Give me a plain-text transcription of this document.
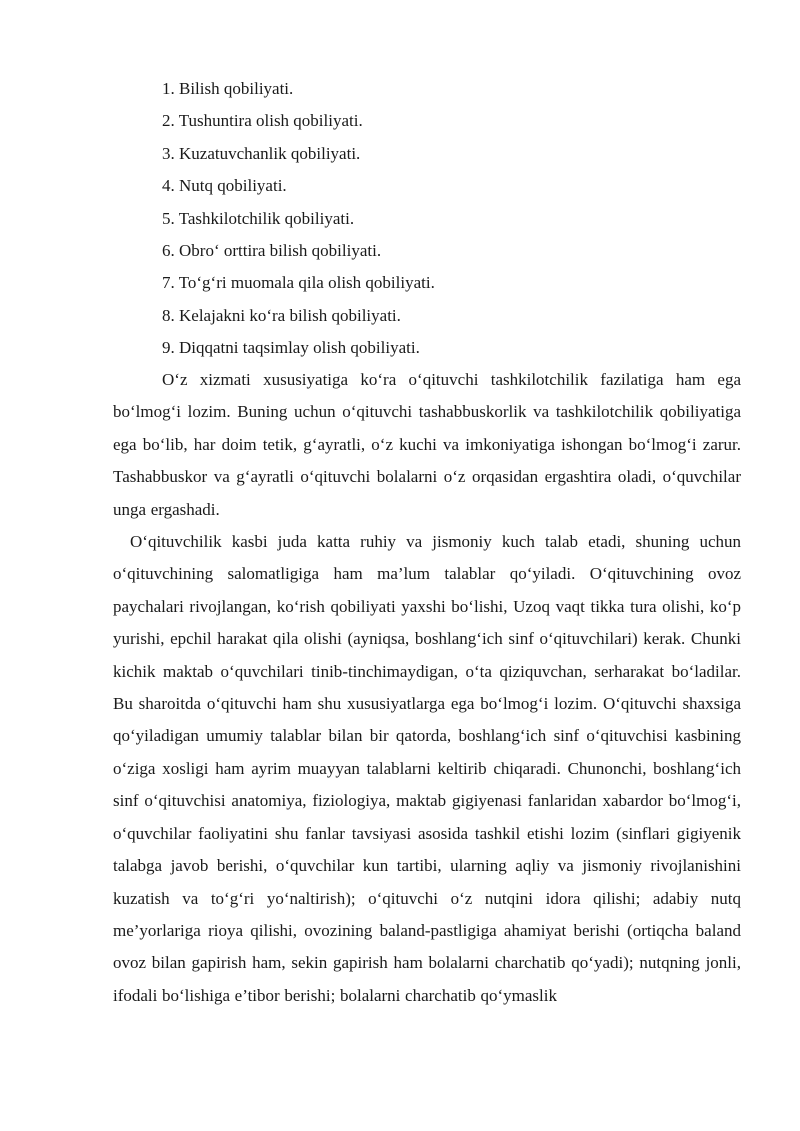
1. Bilish qobiliyati.
2. Tushuntira olish qobiliyati.
3. Kuzatuvchanlik qobiliyati.
4. Nutq qobiliyati.
5. Tashkilotchilik qobiliyati.
6. Obro‘ orttira bilish qobiliyati.
7. To‘g‘ri muomala qila olish qobiliyati.
8. Kelajakni ko‘ra bilish qobiliyati.
9. Diqqatni taqsimlay olish qobiliyati.

O‘z xizmati xususiyatiga ko‘ra o‘qituvchi tashkilotchilik fazilatiga ham ega bo‘lmog‘i lozim. Buning uchun o‘qituvchi tashabbuskorlik va tashkilotchilik qobiliyatiga ega bo‘lib, har doim tetik, g‘ayratli, o‘z kuchi va imkoniyatiga ishongan bo‘lmog‘i zarur. Tashabbuskor va g‘ayratli o‘qituvchi bolalarni o‘z orqasidan ergashtira oladi, o‘quvchilar unga ergashadi.

O‘qituvchilik kasbi juda katta ruhiy va jismoniy kuch talab etadi, shuning uchun o‘qituvchining salomatligiga ham ma’lum talablar qo‘yiladi. O‘qituvchining ovoz paychalari rivojlangan, ko‘rish qobiliyati yaxshi bo‘lishi, Uzoq vaqt tikka tura olishi, ko‘p yurishi, epchil harakat qila olishi (ayniqsa, boshlang‘ich sinf o‘qituvchilari) kerak. Chunki kichik maktab o‘quvchilari tinib-tinchimaydigan, o‘ta qiziquvchan, serharakat bo‘ladilar. Bu sharoitda o‘qituvchi ham shu xususiyatlarga ega bo‘lmog‘i lozim. O‘qituvchi shaxsiga qo‘yiladigan umumiy talablar bilan bir qatorda, boshlang‘ich sinf o‘qituvchisi kasbining o‘ziga xosligi ham ayrim muayyan talablarni keltirib chiqaradi. Chunonchi, boshlang‘ich sinf o‘qituvchisi anatomiya, fiziologiya, maktab gigiyenasi fanlaridan xabardor bo‘lmog‘i, o‘quvchilar faoliyatini shu fanlar tavsiyasi asosida tashkil etishi lozim (sinflari gigiyenik talabga javob berishi, o‘quvchilar kun tartibi, ularning aqliy va jismoniy rivojlanishini kuzatish va to‘g‘ri yo‘naltirish); o‘qituvchi o‘z nutqini idora qilishi; adabiy nutq me’yorlariga rioya qilishi, ovozining baland-pastligiga ahamiyat berishi (ortiqcha baland ovoz bilan gapirish ham, sekin gapirish ham bolalarni charchatib qo‘yadi); nutqning jonli, ifodali bo‘lishiga e’tibor berishi; bolalarni charchatib qo‘ymaslik
